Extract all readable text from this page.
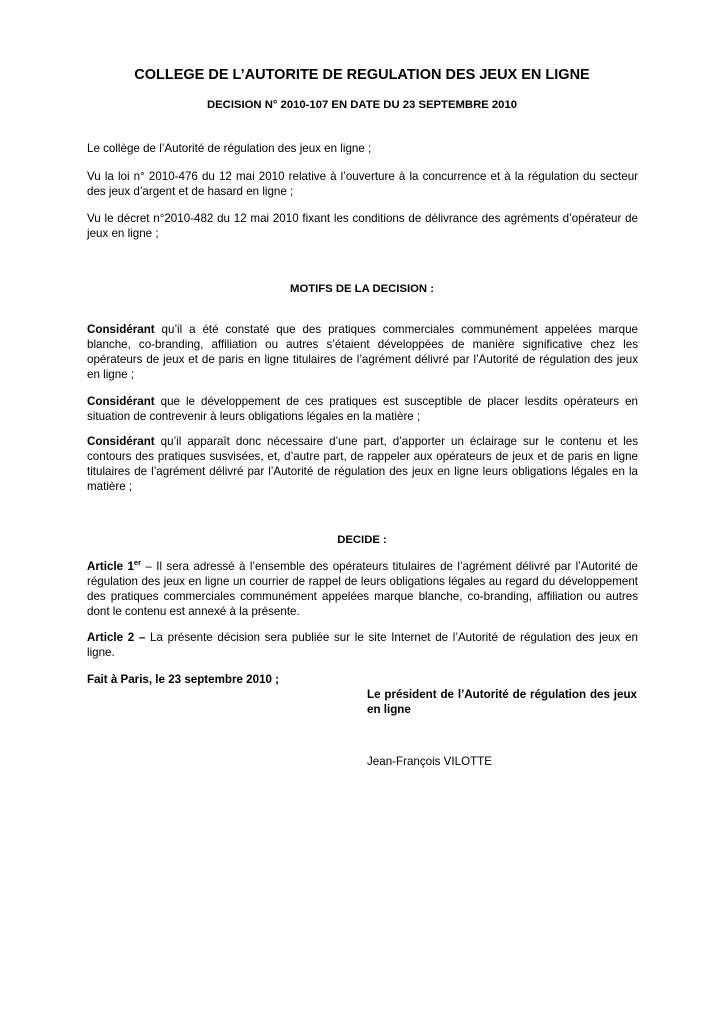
COLLEGE DE L’AUTORITE DE REGULATION DES JEUX EN LIGNE
DECISION N° 2010-107 EN DATE DU 23 SEPTEMBRE 2010

Le collège de l’Autorité de régulation des jeux en ligne ;

Vu la loi n° 2010-476 du 12 mai 2010 relative à l’ouverture à la concurrence et à la régulation du secteur des jeux d’argent et de hasard en ligne ;

Vu le décret n°2010-482 du 12 mai 2010 fixant les conditions de délivrance des agréments d’opérateur de jeux en ligne ;

MOTIFS DE LA DECISION :

Considérant qu’il a été constaté que des pratiques commerciales communément appelées marque blanche, co-branding, affiliation ou autres s’étaient développées de manière significative chez les opérateurs de jeux et de paris en ligne titulaires de l’agrément délivré par l’Autorité de régulation des jeux en ligne ;

Considérant que le développement de ces pratiques est susceptible de placer lesdits opérateurs en situation de contrevenir à leurs obligations légales en la matière ;

Considérant qu’il apparaît donc nécessaire d’une part, d’apporter un éclairage sur le contenu et les contours des pratiques susvisées, et, d’autre part, de rappeler aux opérateurs de jeux et de paris en ligne titulaires de l’agrément délivré par l’Autorité de régulation des jeux en ligne leurs obligations légales en la matière ;

DECIDE :

Article 1er – Il sera adressé à l’ensemble des opérateurs titulaires de l’agrément délivré par l’Autorité de régulation des jeux en ligne un courrier de rappel de leurs obligations légales au regard du développement des pratiques commerciales communément appelées marque blanche, co-branding, affiliation ou autres dont le contenu est annexé à la présente.

Article 2 – La présente décision sera publiée sur le site Internet de l’Autorité de régulation des jeux en ligne.

Fait à Paris, le 23 septembre 2010 ;

Le président de l’Autorité de régulation des jeux en ligne
Jean-François VILOTTE
